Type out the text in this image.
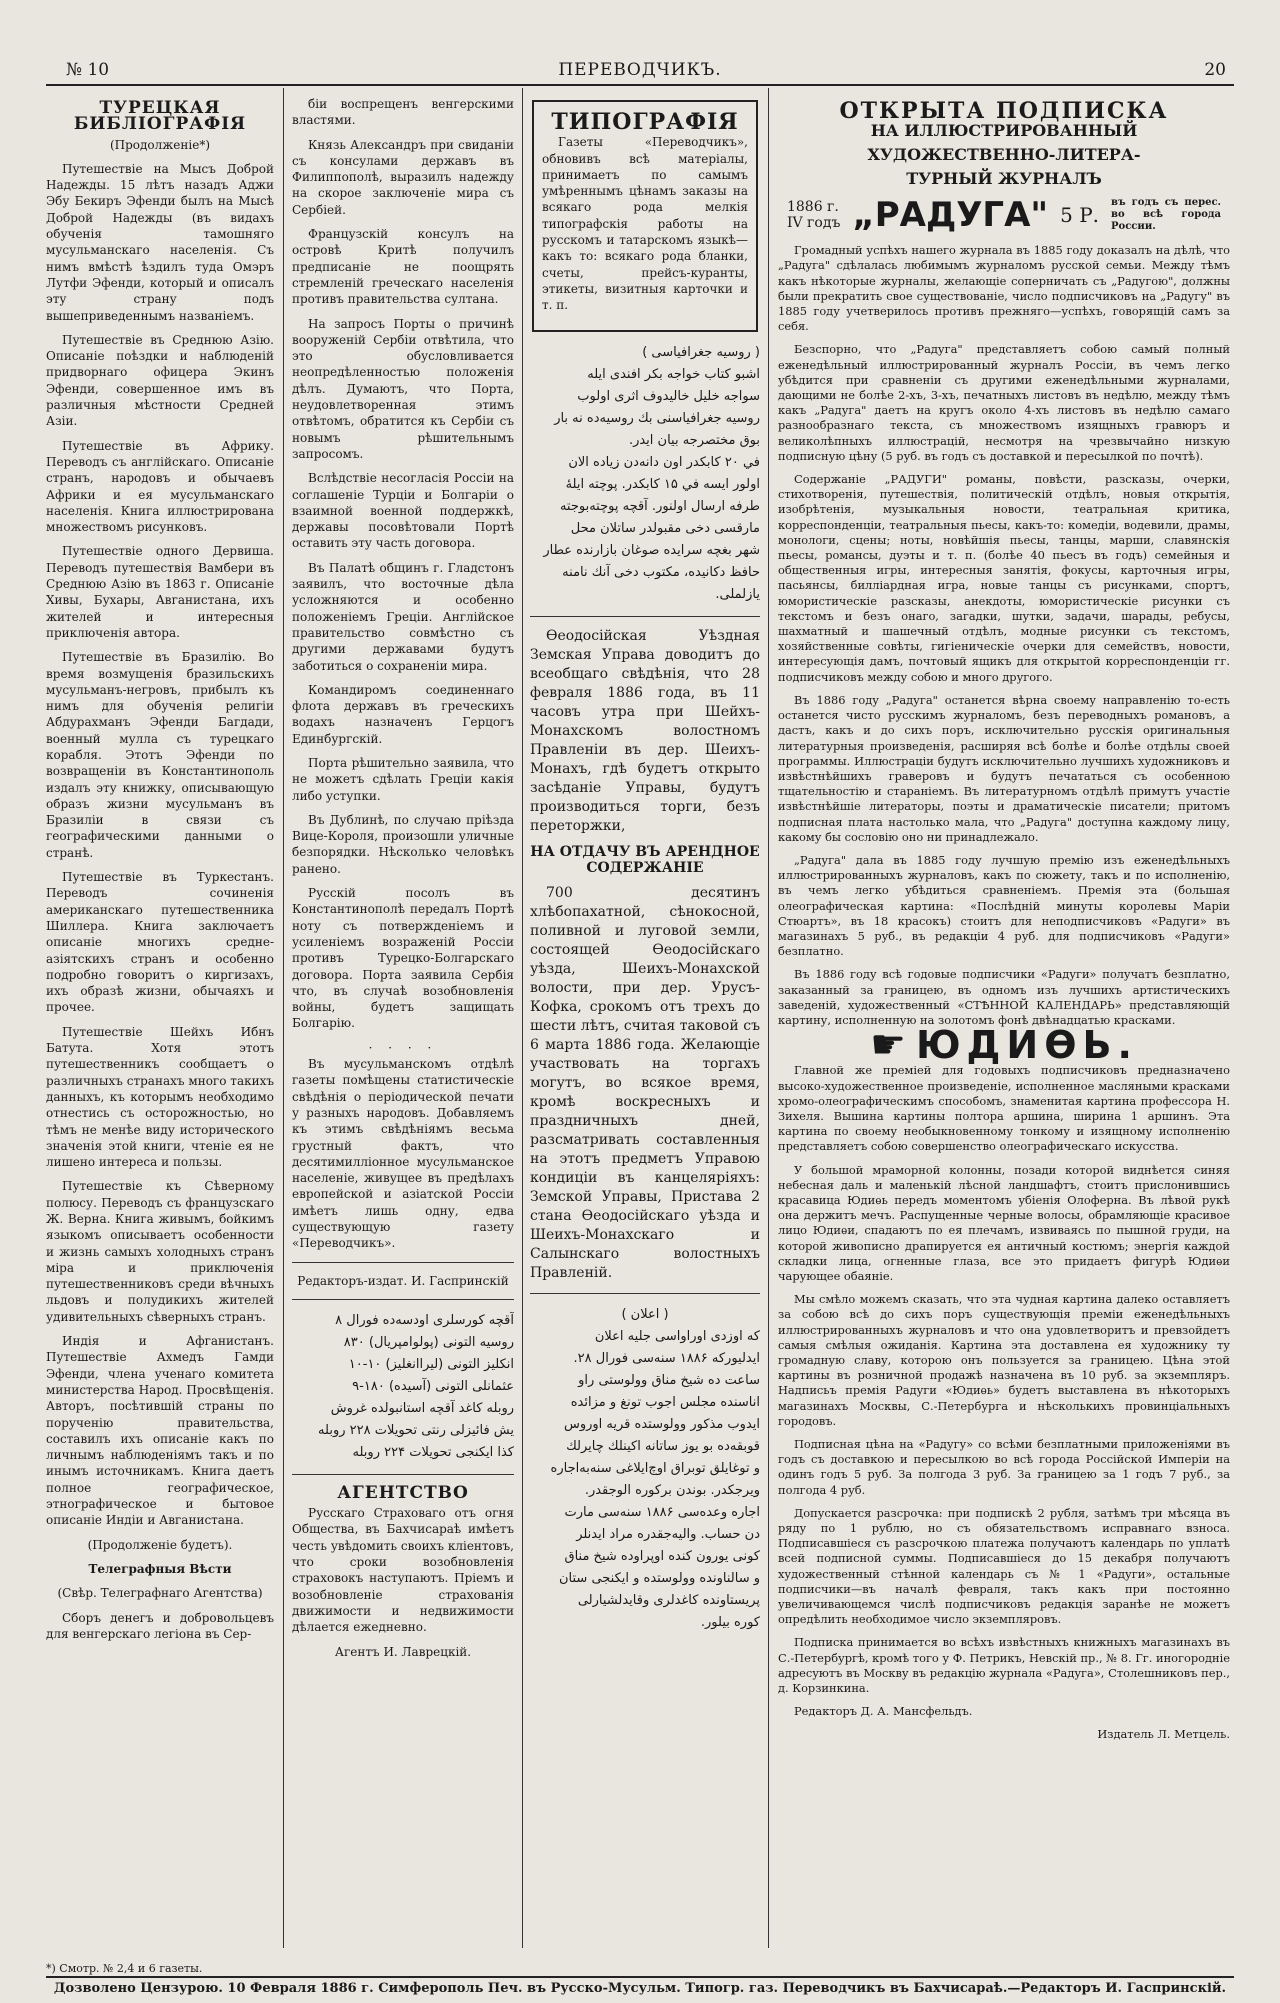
№ 10	ПЕРЕВОДЧИКЪ.	20
ТУРЕЦКАЯ БИБЛІОГРАФІЯ

(Продолженіе*)

Путешествіе на Мысъ Доброй Надежды. 15 лѣтъ назадъ Аджи Эбу Бекиръ Эфенди былъ на Мысѣ Доброй Надежды (въ видахъ обученія тамошняго мусульманскаго населенія. Съ нимъ вмѣстѣ ѣздилъ туда Омэръ Лутфи Эфенди, который и описалъ эту страну подъ вышеприведеннымъ названіемъ.

Путешествіе въ Среднюю Азію. Описаніе поѣздки и наблюденій придворнаго офицера Экинъ Эфенди, совершенное имъ въ различныя мѣстности Средней Азіи.

Путешествіе въ Африку. Переводъ съ англійскаго. Описаніе странъ, народовъ и обычаевъ Африки и ея мусульманскаго населенія. Книга иллюстрирована множествомъ рисунковъ.

Путешествіе одного Дервиша. Переводъ путешествія Вамбери въ Среднюю Азію въ 1863 г. Описаніе Хивы, Бухары, Авганистана, ихъ жителей и интересныя приключенія автора.

Путешествіе въ Бразилію. Во время возмущенія бразильскихъ мусульманъ-негровъ, прибылъ къ нимъ для обученія религіи Абдурахманъ Эфенди Багдади, военный мулла съ турецкаго корабля. Этотъ Эфенди по возвращеніи въ Константинополь издалъ эту книжку, описывающую образъ жизни мусульманъ въ Бразиліи в связи съ географическими данными о странѣ.

Путешествіе въ Туркестанъ. Переводъ сочиненія американскаго путешественника Шиллера. Книга заключаетъ описаніе многихъ средне-азіятскихъ странъ и особенно подробно говоритъ о киргизахъ, ихъ образѣ жизни, обычаяхъ и прочее.

Путешествіе Шейхъ Ибнъ Батута. Хотя этотъ путешественникъ сообщаетъ о различныхъ странахъ много такихъ данныхъ, къ которымъ необходимо отнестись съ осторожностью, но тѣмъ не менѣе виду исторического значенія этой книги, чтеніе ея не лишено интереса и пользы.

Путешествіе къ Сѣверному полюсу. Переводъ съ французскаго Ж. Верна. Книга живымъ, бойкимъ языкомъ описываетъ особенности и жизнь самыхъ холодныхъ странъ міра и приключенія путешественниковъ среди вѣчныхъ льдовъ и полудикихъ жителей удивительныхъ сѣверныхъ странъ.

Индія и Афганистанъ. Путешествіе Ахмедъ Гамди Эфенди, члена ученаго комитета министерства Народ. Просвѣщенія. Авторъ, посѣтившій страны по порученію правительства, составилъ ихъ описаніе какъ по личнымъ наблюденіямъ такъ и по инымъ источникамъ. Книга даетъ полное географическое, этнографическое и бытовое описаніе Индіи и Авганистана.

(Продолженіе будетъ).

Телеграфныя Вѣсти

(Свѣр. Телеграфнаго Агентства)

Сборъ денегъ и добровольцевъ для венгерскаго легіона въ Сер-

біи воспрещенъ венгерскими властями.

Князь Александръ при свиданіи съ консулами державъ въ Филиппополѣ, выразилъ надежду на скорое заключеніе мира съ Сербіей.

Французскій консулъ на островѣ Критѣ получилъ предписаніе не поощрять стремленій греческаго населенія противъ правительства султана.

На запросъ Порты о причинѣ вооруженій Сербіи отвѣтила, что это обусловливается неопредѣленностью положенія дѣлъ. Думаютъ, что Порта, неудовлетворенная этимъ отвѣтомъ, обратится къ Сербіи съ новымъ рѣшительнымъ запросомъ.

Вслѣдствіе несогласія Россіи на соглашеніе Турціи и Болгаріи о взаимной военной поддержкѣ, державы посовѣтовали Портѣ оставить эту часть договора.

Въ Палатѣ общинъ г. Гладстонъ заявилъ, что восточные дѣла усложняются и особенно положеніемъ Греціи. Англійское правительство совмѣстно съ другими державами будутъ заботиться о сохраненіи мира.

Командиромъ соединеннаго флота державъ въ греческихъ водахъ назначенъ Герцогъ Единбургскій.

Порта рѣшительно заявила, что не можетъ сдѣлать Греціи какія либо уступки.

Въ Дублинѣ, по случаю пріѣзда Вице-Короля, произошли уличные безпорядки. Нѣсколько человѣкъ ранено.

Русскій посолъ въ Константинополѣ передалъ Портѣ ноту съ потвержденіемъ и усиленіемъ возраженій Россіи противъ Турецко-Болгарскаго договора. Порта заявила Сербія что, въ случаѣ возобновленія войны, будетъ защищать Болгарію.

· · · ·

Въ мусульманскомъ отдѣлѣ газеты помѣщены статистическіе свѣдѣнія о періодической печати у разныхъ народовъ. Добавляемъ къ этимъ свѣдѣніямъ весьма грустный фактъ, что десятимилліонное мусульманское населеніе, живущее въ предѣлахъ европейской и азіатской Россіи имѣетъ лишь одну, едва существующую газету «Переводчикъ».

Редакторъ-издат. И. Гаспринскій

آقچه كورسلری اودسه‌ده فورال ۸
روسیه التونی (پولوامپریال) ۸۳۰
انكلیز التونی (لیراانغلیز) ۱۰-۱۰
عثمانلی التونی (آسیده) ۱۸۰-۹
روبله كاغد آقچه استانبولده غروش
یش فائیزلی رنتی تحویلات ۲۲۸ روبله
كذا ایكنجی تحویلات ۲۲۴ روبله
АГЕНТСТВО

Русскаго Страховаго отъ огня Общества, въ Бахчисараѣ имѣетъ честь увѣдомить своихъ кліентовъ, что сроки возобновленія страховокъ наступаютъ. Пріемъ и возобновленіе страхованія движимости и недвижимости дѣлается ежедневно.

Агентъ И. Лаврецкій.

ТИПОГРАФІЯ

Газеты «Переводчикъ», обновивъ всѣ матеріалы, принимаетъ по самымъ умѣреннымъ цѣнамъ заказы на всякаго рода мелкія типографскія работы на русскомъ и татарскомъ языкѣ—какъ то: всякаго рода бланки, счеты, прейсъ-куранты, этикеты, визитныя карточки и т. п.

( روسيه جغرافياسی )
اشبو كتاب خواجه بكر افندی ايله
سواجه خليل خاليدوف اثری اولوب
روسيه جغرافياسنی بك روسيه‌ده نه بار
بوق مختصرجه بيان ايدر.
في ۲۰ كابكدر اون دانه‌دن زياده الان
اولور ايسه في ۱۵ كابكدر. پوچته ايلهٔ
طرفه ارسال اولنور. آقچه پوچته‌بوجته
مارقسی دخی مقبولدر ساتلان محل
شهر بغچه سرايده صوغان بازارنده عطار
حافظ دكانيده، مكتوب دخی آنك نامنه
يازلملی.

Ѳеодосійская Уѣздная Земская Управа доводитъ до всеобщаго свѣдѣнія, что 28 февраля 1886 года, въ 11 часовъ утра при Шейхъ-Монахскомъ волостномъ Правленіи въ дер. Шеихъ-Монахъ, гдѣ будетъ открыто засѣданіе Управы, будутъ производиться торги, безъ переторжки,

НА ОТДАЧУ ВЪ АРЕНДНОЕ СОДЕРЖАНІЕ

700 десятинъ хлѣбопахатной, сѣнокосной, поливной и луговой земли, состоящей Ѳеодосійскаго уѣзда, Шеихъ-Монахской волости, при дер. Урусъ-Кофка, срокомъ отъ трехъ до шести лѣтъ, считая таковой съ 6 марта 1886 года. Желающіе участвовать на торгахъ могутъ, во всякое время, кромѣ воскресныхъ и праздничныхъ дней, разсматривать составленныя на этотъ предметъ Управою кондиціи въ канцеляріяхъ: Земской Управы, Пристава 2 стана Ѳеодосійскаго уѣзда и Шеихъ-Монахскаго и Салынскаго волостныхъ Правленій.

( اعلان )
كه اوزدی اوراواسی جليه اعلان
ايدليوركه ۱۸۸۶ سنه‌سی فورال ۲۸.
ساعت ده شيخ مناق وولوستی راو
اناسنده مجلس اجوب تونغ و مزائده
ايدوب مذكور وولوستده قريه اوروس
قوبقه‌ده بو يوز ساتانه اكينلك چايرلك
و توغايلق توبراق اوچ‌ايلاغی سنه‌به‌اجاره
ويرجكدر. بوندن بركوره الوجقدر.
اجاره وعده‌سی ۱۸۸۶ سنه‌سی مارت
دن حساب. واليه‌جقدره مراد ايدنلر
كونی يورون كنده اوپراوده شيخ مناق
و سالناونده وولوستده و ايكنجی ستان
پریستاونده كاغدلری وقايدلشيارلی
كوره بيلور.
ОТКРЫТА ПОДПИСКА
НА ИЛЛЮСТРИРОВАННЫЙ ХУДОЖЕСТВЕННО-ЛИТЕРА-
ТУРНЫЙ ЖУРНАЛЪ
1886 г.
IV годъ „РАДУГА" 5 Р. въ годъ съ перес. во всѣ города России.

Громадный успѣхъ нашего журнала въ 1885 году доказалъ на дѣлѣ, что „Радуга" сдѣлалась любимымъ журналомъ русской семьи. Между тѣмъ какъ нѣкоторые журналы, желающіе соперничать съ „Радугою", должны были прекратить свое существованіе, число подписчиковъ на „Радугу" въ 1885 году учетверилось противъ прежняго—успѣхъ, говорящій самъ за себя.

Безспорно, что „Радуга" представляетъ собою самый полный еженедѣльный иллюстрированный журналъ Россіи, въ чемъ легко убѣдится при сравненіи съ другими еженедѣльными журналами, дающими не болѣе 2-хъ, 3-хъ, печатныхъ листовъ въ недѣлю, между тѣмъ какъ „Радуга" даетъ на кругъ около 4-хъ листовъ въ недѣлю самаго разнообразнаго текста, съ множествомъ изящныхъ гравюръ и великолѣпныхъ иллюстрацій, несмотря на чрезвычайно низкую подписную цѣну (5 руб. въ годъ съ доставкой и пересылкой по почтѣ).

Содержаніе „РАДУГИ" романы, повѣсти, разсказы, очерки, стихотворенія, путешествія, политическій отдѣлъ, новыя открытія, изобрѣтенія, музыкальныя новости, театральная критика, корреспонденціи, театральныя пьесы, какъ-то: комедіи, водевили, драмы, монологи, сцены; ноты, новѣйшія пьесы, танцы, марши, славянскія пьесы, романсы, дуэты и т. п. (болѣе 40 пьесъ въ годъ) семейныя и общественныя игры, интересныя занятія, фокусы, карточныя игры, пасьянсы, билліардная игра, новые танцы съ рисунками, спортъ, юмористическіе разсказы, анекдоты, юмористическіе рисунки съ текстомъ и безъ онаго, загадки, шутки, задачи, шарады, ребусы, шахматный и шашечный отдѣлъ, модные рисунки съ текстомъ, хозяйственные совѣты, гигіеническіе очерки для семействъ, новости, интересующія дамъ, почтовый ящикъ для открытой корреспонденціи гг. подписчиковъ между собою и много другого.

Въ 1886 году „Радуга" останется вѣрна своему направленію то-есть останется чисто русскимъ журналомъ, безъ переводныхъ романовъ, а дастъ, какъ и до сихъ поръ, исключительно русскія оригинальныя литературныя произведенія, расширяя всѣ болѣе и болѣе отдѣлы своей программы. Иллюстраціи будутъ исключительно лучшихъ художниковъ и извѣстнѣйшихъ граверовъ и будутъ печататься съ особенною тщательностію и стараніемъ. Въ литературномъ отдѣлѣ примутъ участіе извѣстнѣйшіе литераторы, поэты и драматическіе писатели; притомъ подписная плата настолько мала, что „Радуга" доступна каждому лицу, какому бы сословію оно ни принадлежало.

„Радуга" дала въ 1885 году лучшую премію изъ еженедѣльныхъ иллюстрированныхъ журналовъ, какъ по сюжету, такъ и по исполненію, въ чемъ легко убѣдиться сравненіемъ. Премія эта (большая олеографическая картина: «Послѣдній минуты королевы Маріи Стюартъ», въ 18 красокъ) стоитъ для неподписчиковъ «Радуги» въ магазинахъ 5 руб., въ редакціи 4 руб. для подписчиковъ «Радуги» безплатно.

Въ 1886 году всѣ годовые подписчики «Радуги» получатъ безплатно, заказанный за границею, въ одномъ изъ лучшихъ артистическихъ заведеній, художественный «СТѢННОЙ КАЛЕНДАРЬ» представляющій картину, исполненную на золотомъ фонѣ двѣнадцатью красками.

☛ ЮДИѲЬ.

Главной же преміей для годовыхъ подписчиковъ предназначено высоко-художественное произведеніе, исполненное масляными красками хромо-олеографическимъ способомъ, знаменитая картина профессора Н. Зихеля. Вышина картины полтора аршина, ширина 1 аршинъ. Эта картина по своему необыкновенному тонкому и изящному исполненію представляетъ собою совершенство олеографическаго искусства.

У большой мраморной колонны, позади которой виднѣется синяя небесная даль и маленькій лѣсной ландшафтъ, стоитъ прислонившись красавица Юдиѳь передъ моментомъ убіенія Олоферна. Въ лѣвой рукѣ она держитъ мечъ. Распущенные черные волосы, обрамляющіе красивое лицо Юдиѳи, спадаютъ по ея плечамъ, извиваясь по пышной груди, на которой живописно драпируется ея античный костюмъ; энергія каждой складки лица, огненные глаза, все это придаетъ фигурѣ Юдиѳи чарующее обаяніе.

Мы смѣло можемъ сказать, что эта чудная картина далеко оставляетъ за собою всѣ до сихъ поръ существующія преміи еженедѣльныхъ иллюстрированныхъ журналовъ и что она удовлетворитъ и превзойдетъ самыя смѣлыя ожиданія. Картина эта доставлена ея художнику ту громадную славу, которою онъ пользуется за границею. Цѣна этой картины въ розничной продажѣ назначена въ 10 руб. за экземпляръ. Надписьъ премія Радуги «Юдиѳь» будетъ выставлена въ нѣкоторыхъ магазинахъ Москвы, С.-Петербурга и нѣсколькихъ провинціальныхъ городовъ.

Подписная цѣна на «Радугу» со всѣми безплатными приложеніями въ годъ съ доставкою и пересылкою во всѣ города Россійской Имперіи на одинъ годъ 5 руб. За полгода 3 руб. За границею за 1 годъ 7 руб., за полгода 4 руб.

Допускается разсрочка: при подпискѣ 2 рубля, затѣмъ три мѣсяца въ ряду по 1 рублю, но съ обязательствомъ исправнаго взноса. Подписавшіеся съ разсрочкою платежа получаютъ календарь по уплатѣ всей подписной суммы. Подписавшіеся до 15 декабря получаютъ художественный стѣнной календарь съ № 1 «Радуги», остальные подписчики—въ началѣ февраля, такъ какъ при постоянно увеличивающемся числѣ подписчиковъ редакція заранѣе не можетъ опредѣлить необходимое число экземпляровъ.

Подписка принимается во всѣхъ извѣстныхъ книжныхъ магазинахъ въ С.-Петербургѣ, кромѣ того у Ф. Петрикъ, Невскій пр., № 8. Гг. иногородніе адресуютъ въ Москву въ редакцію журнала «Радуга», Столешниковъ пер., д. Корзинкина.

Редакторъ Д. А. Мансфельдъ.

Издатель Л. Метцель.

*) Смотр. № 2,4 и 6 газеты.
Дозволено Цензурою. 10 Февраля 1886 г. Симферополь Печ. въ Русско-Мусульм. Типогр. газ. Переводчикъ въ Бахчисараѣ.—Редакторъ И. Гаспринскій.
